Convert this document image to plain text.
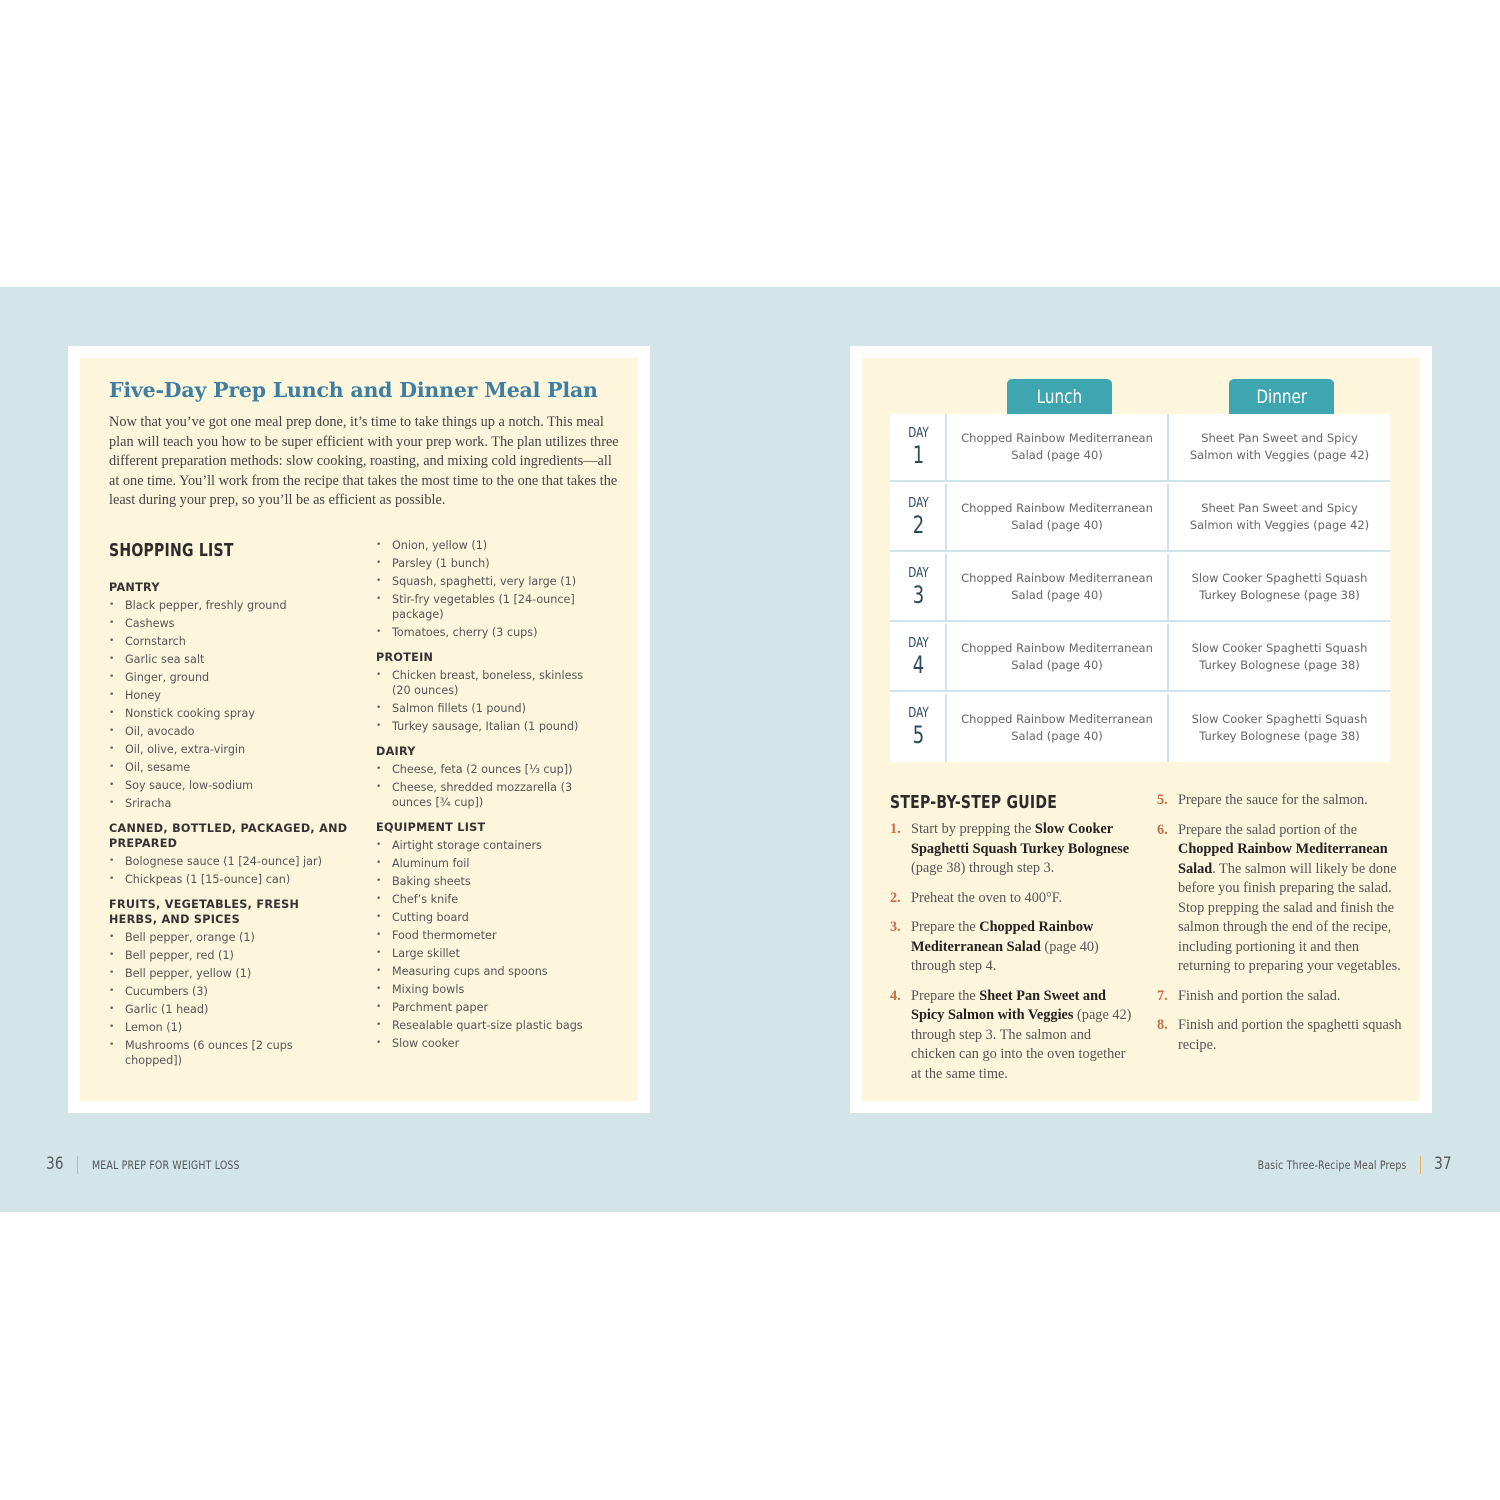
Five-Day Prep Lunch and Dinner Meal Plan

Now that you’ve got one meal prep done, it’s time to take things up a notch. This meal plan will teach you how to be super efficient with your prep work. The plan utilizes three different preparation methods: slow cooking, roasting, and mixing cold ingredients—all at one time. You’ll work from the recipe that takes the most time to the one that takes the least during your prep, so you’ll be as efficient as possible.

SHOPPING LIST
PANTRY
• Black pepper, freshly ground
• Cashews
• Cornstarch
• Garlic sea salt
• Ginger, ground
• Honey
• Nonstick cooking spray
• Oil, avocado
• Oil, olive, extra-virgin
• Oil, sesame
• Soy sauce, low-sodium
• Sriracha
CANNED, BOTTLED, PACKAGED, AND PREPARED
• Bolognese sauce (1 [24-ounce] jar)
• Chickpeas (1 [15-ounce] can)
FRUITS, VEGETABLES, FRESH HERBS, AND SPICES
• Bell pepper, orange (1)
• Bell pepper, red (1)
• Bell pepper, yellow (1)
• Cucumbers (3)
• Garlic (1 head)
• Lemon (1)
• Mushrooms (6 ounces [2 cups chopped])
• Onion, yellow (1)
• Parsley (1 bunch)
• Squash, spaghetti, very large (1)
• Stir-fry vegetables (1 [24-ounce] package)
• Tomatoes, cherry (3 cups)
PROTEIN
• Chicken breast, boneless, skinless (20 ounces)
• Salmon fillets (1 pound)
• Turkey sausage, Italian (1 pound)
DAIRY
• Cheese, feta (2 ounces [⅓ cup])
• Cheese, shredded mozzarella (3 ounces [¾ cup])
EQUIPMENT LIST
• Airtight storage containers
• Aluminum foil
• Baking sheets
• Chef’s knife
• Cutting board
• Food thermometer
• Large skillet
• Measuring cups and spoons
• Mixing bowls
• Parchment paper
• Resealable quart-size plastic bags
• Slow cooker
Lunch	Dinner
DAY
1
Chopped Rainbow Mediterranean Salad (page 40)
Sheet Pan Sweet and Spicy Salmon with Veggies (page 42)
DAY
2
Chopped Rainbow Mediterranean Salad (page 40)
Sheet Pan Sweet and Spicy Salmon with Veggies (page 42)
DAY
3
Chopped Rainbow Mediterranean Salad (page 40)
Slow Cooker Spaghetti Squash Turkey Bolognese (page 38)
DAY
4
Chopped Rainbow Mediterranean Salad (page 40)
Slow Cooker Spaghetti Squash Turkey Bolognese (page 38)
DAY
5
Chopped Rainbow Mediterranean Salad (page 40)
Slow Cooker Spaghetti Squash Turkey Bolognese (page 38)
STEP-BY-STEP GUIDE
1. Start by prepping the Slow Cooker Spaghetti Squash Turkey Bolognese (page 38) through step 3.
2. Preheat the oven to 400°F.
3. Prepare the Chopped Rainbow Mediterranean Salad (page 40) through step 4.
4. Prepare the Sheet Pan Sweet and Spicy Salmon with Veggies (page 42) through step 3. The salmon and chicken can go into the oven together at the same time.
5. Prepare the sauce for the salmon.
6. Prepare the salad portion of the Chopped Rainbow Mediterranean Salad. The salmon will likely be done before you finish preparing the salad. Stop prepping the salad and finish the salmon through the end of the recipe, including portioning it and then returning to preparing your vegetables.
7. Finish and portion the salad.
8. Finish and portion the spaghetti squash recipe.
36 MEAL PREP FOR WEIGHT LOSS	Basic Three-Recipe Meal Preps 37
